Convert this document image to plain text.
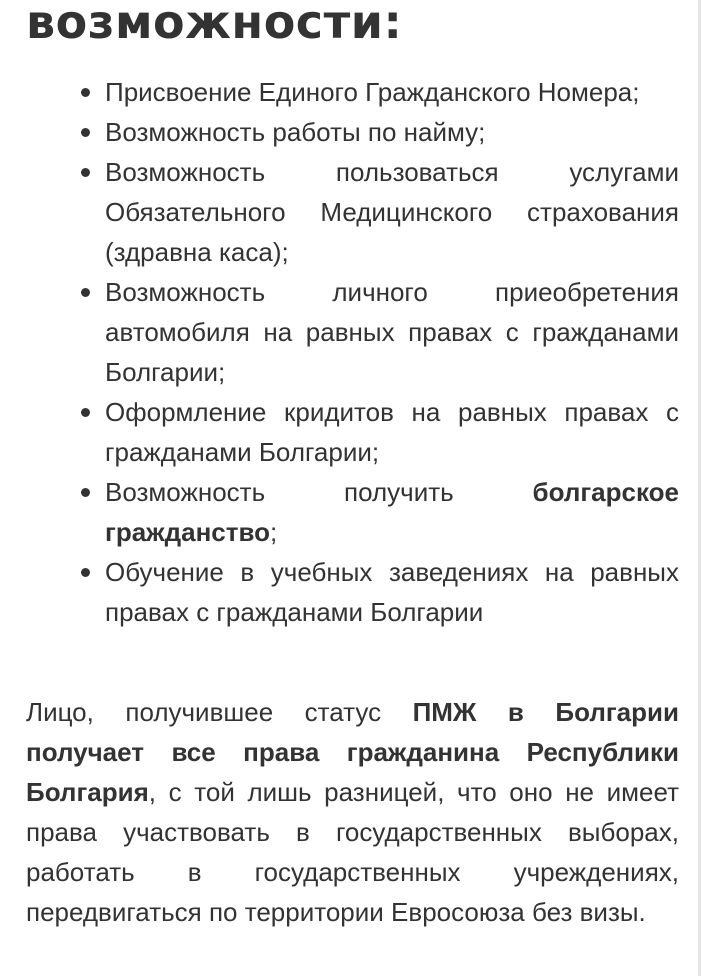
возможности:
Присвоение Единого Гражданского Номера;
Возможность работы по найму;
Возможность пользоваться услугами Обязательного Медицинского страхования (здравна каса);
Возможность личного приеобретения автомобиля на равных правах с гражданами Болгарии;
Оформление кридитов на равных правах с гражданами Болгарии;
Возможность получить болгарское гражданство;
Обучение в учебных заведениях на равных правах с гражданами Болгарии

Лицо, получившее статус ПМЖ в Болгарии получает все права гражданина Республики Болгария, с той лишь разницей, что оно не имеет права участвовать в государственных выборах, работать в государственных учреждениях, передвигаться по территории Евросоюза без визы.
